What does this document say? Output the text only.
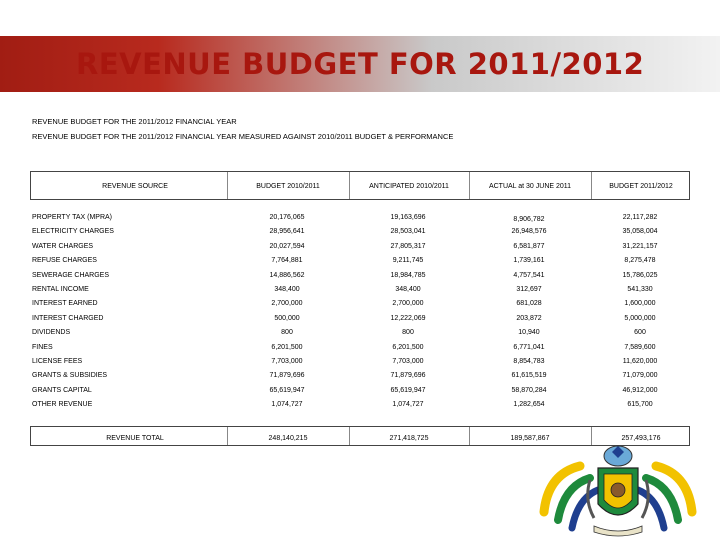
REVENUE BUDGET FOR 2011/2012
REVENUE BUDGET FOR THE 2011/2012 FINANCIAL YEAR
REVENUE BUDGET FOR THE 2011/2012 FINANCIAL YEAR MEASURED AGAINST 2010/2011 BUDGET & PERFORMANCE
REVENUE SOURCE	BUDGET 2010/2011	ANTICIPATED 2010/2011	ACTUAL at 30 JUNE 2011	BUDGET 2011/2012
PROPERTY TAX (MPRA)	20,176,065	19,163,696	8,906,782	22,117,282
ELECTRICITY CHARGES	28,956,641	28,503,041	26,948,576	35,058,004
WATER CHARGES	20,027,594	27,805,317	6,581,877	31,221,157
REFUSE CHARGES	7,764,881	9,211,745	1,739,161	8,275,478
SEWERAGE CHARGES	14,886,562	18,984,785	4,757,541	15,786,025
RENTAL INCOME	348,400	348,400	312,697	541,330
INTEREST EARNED	2,700,000	2,700,000	681,028	1,600,000
INTEREST CHARGED	500,000	12,222,069	203,872	5,000,000
DIVIDENDS	800	800	10,940	600
FINES	6,201,500	6,201,500	6,771,041	7,589,600
LICENSE FEES	7,703,000	7,703,000	8,854,783	11,620,000
GRANTS & SUBSIDIES	71,879,696	71,879,696	61,615,519	71,079,000
GRANTS CAPITAL	65,619,947	65,619,947	58,870,284	46,912,000
OTHER REVENUE	1,074,727	1,074,727	1,282,654	615,700
REVENUE TOTAL	248,140,215	271,418,725	189,587,867	257,493,176
